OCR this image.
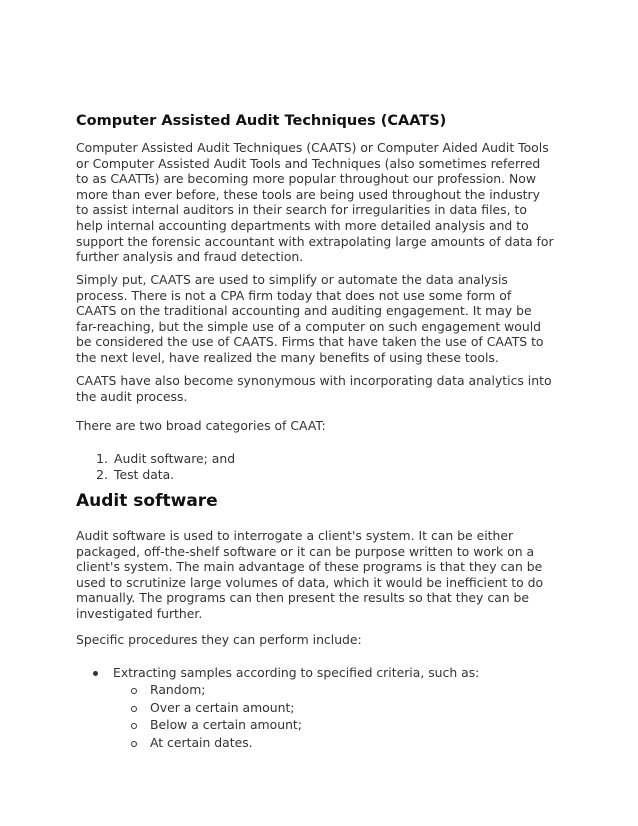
Computer Assisted Audit Techniques (CAATS)
Computer Assisted Audit Techniques (CAATS) or Computer Aided Audit Tools
or Computer Assisted Audit Tools and Techniques (also sometimes referred
to as CAATTs) are becoming more popular throughout our profession. Now
more than ever before, these tools are being used throughout the industry
to assist internal auditors in their search for irregularities in data files, to
help internal accounting departments with more detailed analysis and to
support the forensic accountant with extrapolating large amounts of data for
further analysis and fraud detection.
Simply put, CAATS are used to simplify or automate the data analysis
process. There is not a CPA firm today that does not use some form of
CAATS on the traditional accounting and auditing engagement. It may be
far-reaching, but the simple use of a computer on such engagement would
be considered the use of CAATS. Firms that have taken the use of CAATS to
the next level, have realized the many benefits of using these tools.
CAATS have also become synonymous with incorporating data analytics into
the audit process.
There are two broad categories of CAAT:
1. Audit software; and
2. Test data.
Audit software
Audit software is used to interrogate a client's system. It can be either
packaged, off-the-shelf software or it can be purpose written to work on a
client's system. The main advantage of these programs is that they can be
used to scrutinize large volumes of data, which it would be inefficient to do
manually. The programs can then present the results so that they can be
investigated further.
Specific procedures they can perform include:
Extracting samples according to specified criteria, such as:
Random;
Over a certain amount;
Below a certain amount;
At certain dates.
